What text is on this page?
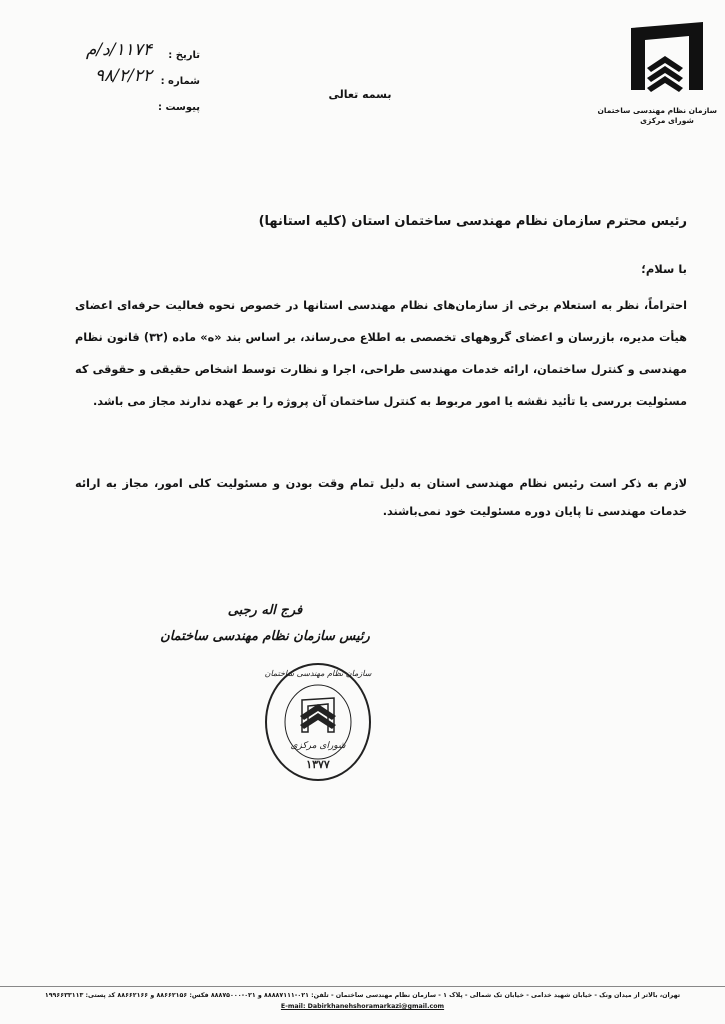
سازمان نظام مهندسی ساختمان
شورای مرکزی
تاریخ :
۱۱۷۴/د/م
شماره :
۹۸/۲/۲۲
پیوست :
بسمه تعالی
رئیس محترم سازمان نظام مهندسی ساختمان استان (کلیه استانها)
با سلام؛
احتراماً، نظر به استعلام برخی از سازمان‌های نظام مهندسی استانها در خصوص نحوه فعالیت حرفه‌ای اعضای هیأت مدیره، بازرسان و اعضای گروههای تخصصی به اطلاع می‌رساند، بر اساس بند «ه» ماده (۳۲) قانون نظام مهندسی و کنترل ساختمان، ارائه خدمات مهندسی طراحی، اجرا و نظارت توسط اشخاص حقیقی و حقوقی که مسئولیت بررسی یا تأئید نقشه یا امور مربوط به کنترل ساختمان آن پروژه را بر عهده ندارند مجاز می باشد.
لازم به ذکر است رئیس نظام مهندسی استان به دلیل تمام وقت بودن و مسئولیت کلی امور، مجاز به ارائه خدمات مهندسی تا پایان دوره مسئولیت خود نمی‌باشند.
فرج اله رجبی
رئیس سازمان نظام مهندسی ساختمان
سازمان نظام مهندسی ساختمان
شورای مرکزی
۱۳۷۷
تهران، بالاتر از میدان ونک - خیابان شهید خدامی - خیابان تک شمالی - پلاک ۱ - سازمان نظام مهندسی ساختمان - تلفن: ۰۲۱-۸۸۸۸۷۱۱۱ و ۰۲۱-۸۸۸۷۵۰۰۰ فکس: ۸۸۶۶۲۱۵۶ و ۸۸۶۶۲۱۶۶ کد پستی: ۱۹۹۶۶۳۳۱۱۳
E-mail: Dabirkhanehshoramarkazi@gmail.com
